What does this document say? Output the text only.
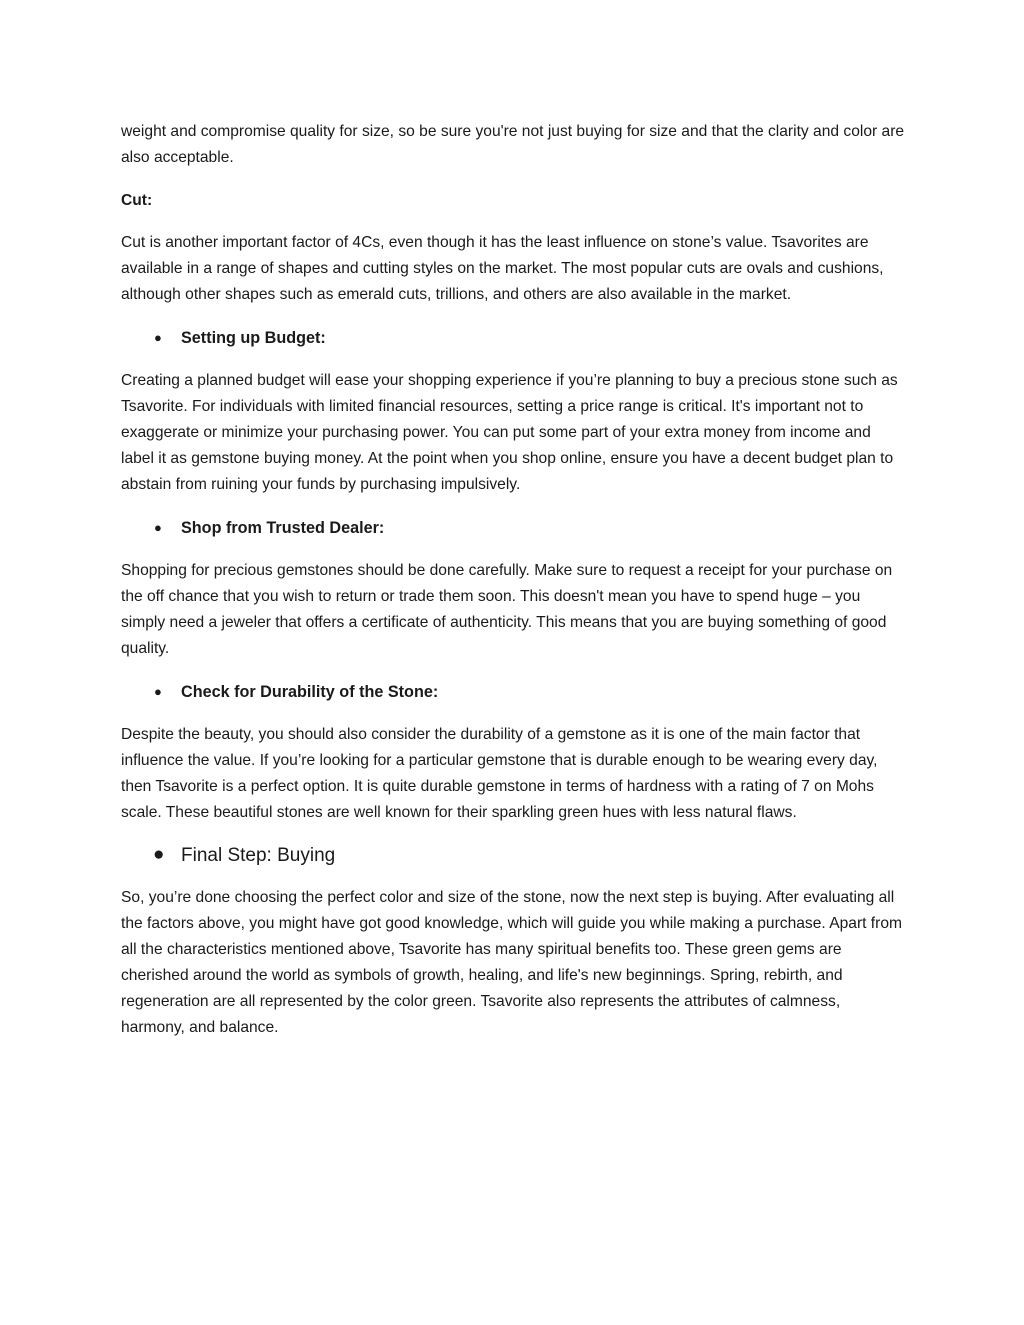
weight and compromise quality for size, so be sure you're not just buying for size and that the clarity and color are also acceptable.

Cut:

Cut is another important factor of 4Cs, even though it has the least influence on stone’s value. Tsavorites are available in a range of shapes and cutting styles on the market. The most popular cuts are ovals and cushions, although other shapes such as emerald cuts, trillions, and others are also available in the market.

● Setting up Budget:

Creating a planned budget will ease your shopping experience if you’re planning to buy a precious stone such as Tsavorite. For individuals with limited financial resources, setting a price range is critical. It's important not to exaggerate or minimize your purchasing power. You can put some part of your extra money from income and label it as gemstone buying money. At the point when you shop online, ensure you have a decent budget plan to abstain from ruining your funds by purchasing impulsively.

● Shop from Trusted Dealer:

Shopping for precious gemstones should be done carefully. Make sure to request a receipt for your purchase on the off chance that you wish to return or trade them soon. This doesn't mean you have to spend huge – you simply need a jeweler that offers a certificate of authenticity. This means that you are buying something of good quality.

● Check for Durability of the Stone:

Despite the beauty, you should also consider the durability of a gemstone as it is one of the main factor that influence the value. If you’re looking for a particular gemstone that is durable enough to be wearing every day, then Tsavorite is a perfect option. It is quite durable gemstone in terms of hardness with a rating of 7 on Mohs scale. These beautiful stones are well known for their sparkling green hues with less natural flaws.

● Final Step: Buying

So, you’re done choosing the perfect color and size of the stone, now the next step is buying. After evaluating all the factors above, you might have got good knowledge, which will guide you while making a purchase. Apart from all the characteristics mentioned above, Tsavorite has many spiritual benefits too. These green gems are cherished around the world as symbols of growth, healing, and life's new beginnings. Spring, rebirth, and regeneration are all represented by the color green. Tsavorite also represents the attributes of calmness, harmony, and balance.
